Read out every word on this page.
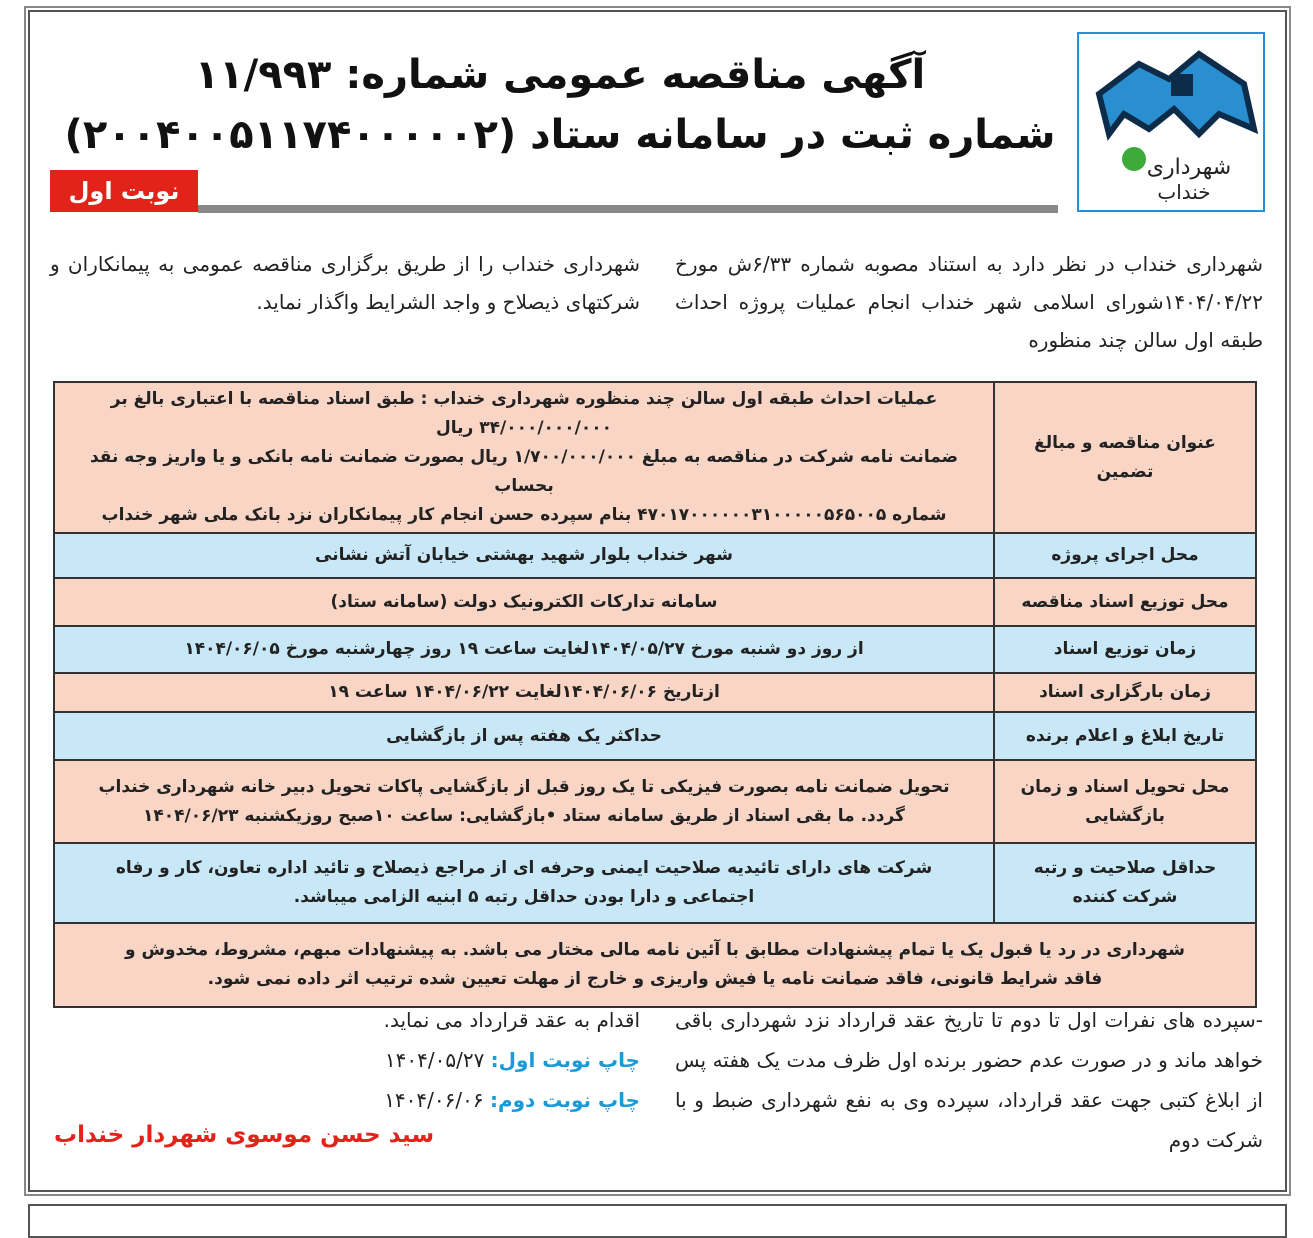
شهرداری
خنداب
آگهی مناقصه عمومی شماره: ۱۱/۹۹۳
شماره ثبت در سامانه ستاد (۲۰۰۴۰۰۵۱۱۷۴۰۰۰۰۰۲)
نوبت اول
شهرداری خنداب در نظر دارد به استناد مصوبه شماره ۶/۳۳ش مورخ ۱۴۰۴/۰۴/۲۲شورای اسلامی شهر خنداب انجام عملیات پروژه احداث طبقه اول سالن چند منظوره
شهرداری خنداب را از طریق برگزاری مناقصه عمومی به پیمانکاران و شرکتهای ذیصلاح و واجد الشرایط واگذار نماید.
عنوان مناقصه و مبالغ تضمین	عملیات احداث طبقه اول سالن چند منظوره شهرداری خنداب : طبق اسناد مناقصه با اعتباری بالغ بر
۳۴/۰۰۰/۰۰۰/۰۰۰ ریال
ضمانت نامه شرکت در مناقصه به مبلغ ۱/۷۰۰/۰۰۰/۰۰۰ ریال بصورت ضمانت نامه بانکی و یا واریز وجه نقد بحساب
شماره ۴۷۰۱۷۰۰۰۰۰۰۳۱۰۰۰۰۰۵۶۵۰۰۵ بنام سپرده حسن انجام کار پیمانکاران نزد بانک ملی شهر خنداب

محل اجرای پروژه	شهر خنداب بلوار شهید بهشتی خیابان آتش نشانی

محل توزیع اسناد مناقصه	سامانه تدارکات الکترونیک دولت (سامانه ستاد)

زمان توزیع اسناد	از روز دو شنبه مورخ ۱۴۰۴/۰۵/۲۷لغایت ساعت ۱۹ روز چهارشنبه مورخ ۱۴۰۴/۰۶/۰۵

زمان بارگزاری اسناد	ازتاریخ ۱۴۰۴/۰۶/۰۶لغایت ۱۴۰۴/۰۶/۲۲ ساعت ۱۹

تاریخ ابلاغ و اعلام برنده	حداکثر یک هفته پس از بازگشایی

محل تحویل اسناد و زمان بازگشایی	تحویل ضمانت نامه بصورت فیزیکی تا یک روز قبل از بازگشایی پاکات تحویل دبیر خانه شهرداری خنداب
گردد. ما بقی اسناد از طریق سامانه ستاد •بازگشایی: ساعت ۱۰صبح روزیکشنبه ۱۴۰۴/۰۶/۲۳

حداقل صلاحیت و رتبه شرکت کننده	شرکت های دارای تائیدیه صلاحیت ایمنی وحرفه ای از مراجع ذیصلاح و تائید اداره تعاون، کار و رفاه
اجتماعی و دارا بودن حداقل رتبه ۵ ابنیه الزامی میباشد.

شهرداری در رد یا قبول یک یا تمام پیشنهادات مطابق با آئین نامه مالی مختار می باشد. به پیشنهادات مبهم، مشروط، مخدوش و
فاقد شرایط قانونی، فاقد ضمانت نامه یا فیش واریزی و خارج از مهلت تعیین شده ترتیب اثر داده نمی شود.	
-سپرده های نفرات اول تا دوم تا تاریخ عقد قرارداد نزد شهرداری باقی خواهد ماند و در صورت عدم حضور برنده اول ظرف مدت یک هفته پس از ابلاغ کتبی جهت عقد قرارداد، سپرده وی به نفع شهرداری ضبط و با شرکت دوم
اقدام به عقد قرارداد می نماید.
چاپ نوبت اول: ۱۴۰۴/۰۵/۲۷
چاپ نوبت دوم: ۱۴۰۴/۰۶/۰۶
سید حسن موسوی شهردار خنداب
